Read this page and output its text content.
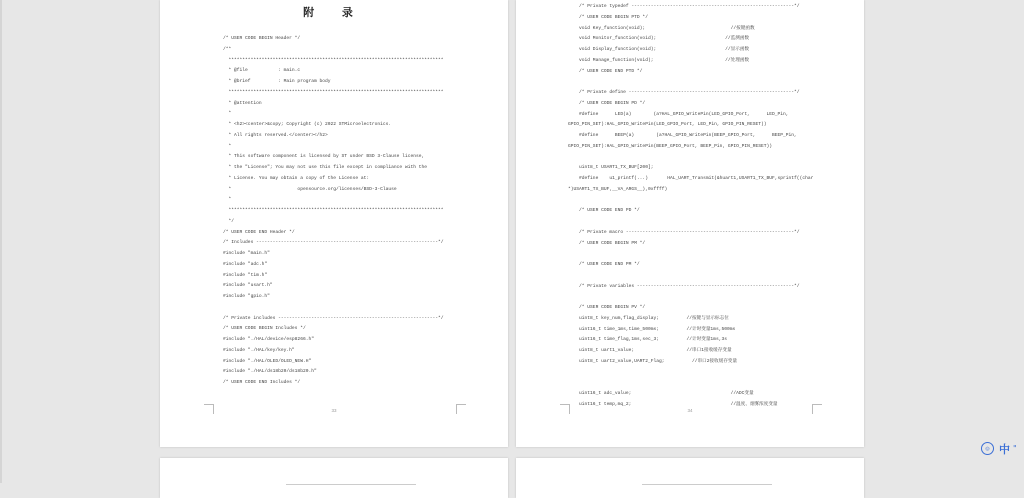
附 录
/* USER CODE BEGIN Header */
/**
******************************************************************************
* @file           : main.c
* @brief          : Main program body
******************************************************************************
* @attention
*
* <h2><center>&copy; Copyright (c) 2022 STMicroelectronics.
* All rights reserved.</center></h2>
*
* This software component is licensed by ST under BSD 3-Clause license,
* the "License"; You may not use this file except in compliance with the
* License. You may obtain a copy of the License at:
*                        opensource.org/licenses/BSD-3-Clause
*
******************************************************************************
*/
/* USER CODE END Header */
/* Includes ------------------------------------------------------------------*/
#include "main.h"
#include "adc.h"
#include "tim.h"
#include "usart.h"
#include "gpio.h"
/* Private includes ----------------------------------------------------------*/
/* USER CODE BEGIN Includes */
#include "./HAL/device/esp8266.h"
#include "./HAL/key/key.h"
#include "./HAL/OLED/OLED_NEW.H"
#include "./HAL/ds18b20/ds18b20.h"
/* USER CODE END Includes */
33
/* Private typedef -----------------------------------------------------------*/
/* USER CODE BEGIN PTD */
void Key_function(void);                               //按键函数
void Monitor_function(void);                         //监测函数
void Display_function(void);                         //显示函数
void Manage_function(void);                          //处理函数
/* USER CODE END PTD */
/* Private define ------------------------------------------------------------*/
/* USER CODE BEGIN PD */
#define      LED(a)        (a?HAL_GPIO_WritePin(LED_GPIO_Port,      LED_Pin,
GPIO_PIN_SET):HAL_GPIO_WritePin(LED_GPIO_Port, LED_Pin, GPIO_PIN_RESET))
#define      BEEP(a)        (a?HAL_GPIO_WritePin(BEEP_GPIO_Port,      BEEP_Pin,
GPIO_PIN_SET):HAL_GPIO_WritePin(BEEP_GPIO_Port, BEEP_Pin, GPIO_PIN_RESET))
uint8_t USART1_TX_BUF[200];
#define    u1_printf(...)       HAL_UART_Transmit(&huart1,USART1_TX_BUF,sprintf((char
*)USART1_TX_BUF,__VA_ARGS__),0xffff)
/* USER CODE END PD */
/* Private macro -------------------------------------------------------------*/
/* USER CODE BEGIN PM */
/* USER CODE END PM */
/* Private variables ---------------------------------------------------------*/
/* USER CODE BEGIN PV */
uint8_t key_num,flag_display;          //按键与显示标志位
uint16_t time_1ms,time_500ms;          //计时变量1ms,500ms
uint16_t time_flag,1ms,sec_3;          //计时变量1ms,3s
uint8_t uart1_value;                   //串口1接收缓存变量
uint8_t uart2_value,UART2_Flag;          //串口2接收缓存变量
uint16_t adc_value;                                    //ADC变量
uint16_t temp,mq_2;                                    //温度、烟雾浓度变量
34
◎ 中 "
